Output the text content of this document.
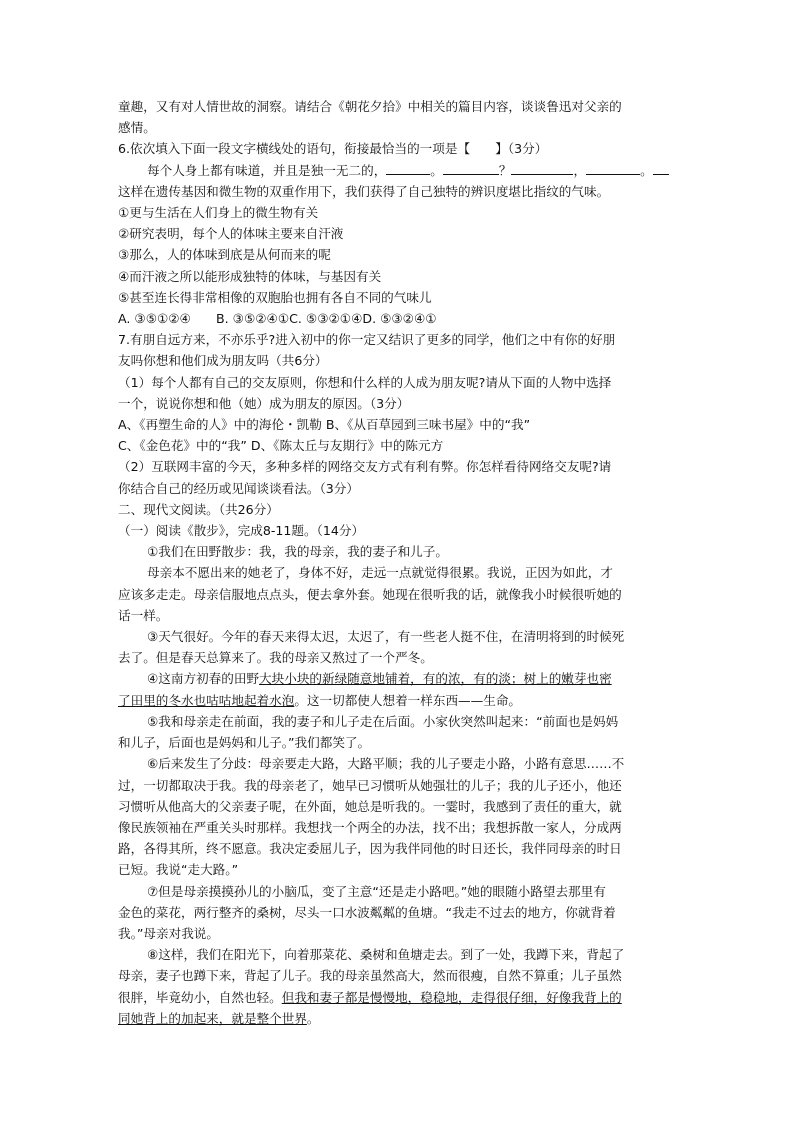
童趣，又有对人情世故的洞察。请结合《朝花夕拾》中相关的篇目内容，谈谈鲁迅对父亲的
感情。
6.依次填入下面一段文字横线处的语句，衔接最恰当的一项是【　　】（3分）
每个人身上都有味道，并且是独一无二的，	。	？	，	。
这样在遗传基因和微生物的双重作用下，我们获得了自己独特的辨识度堪比指纹的气味。
①更与生活在人们身上的微生物有关
②研究表明，每个人的体味主要来自汗液
③那么，人的体味到底是从何而来的呢
④而汗液之所以能形成独特的体味，与基因有关
⑤甚至连长得非常相像的双胞胎也拥有各自不同的气味儿
A. ③⑤①②④　　B. ③⑤②④①C. ⑤③②①④D. ⑤③②④①
7.有朋自远方来，不亦乐乎?进入初中的你一定又结识了更多的同学，他们之中有你的好朋
友吗你想和他们成为朋友吗（共6分）
（1）每个人都有自己的交友原则，你想和什么样的人成为朋友呢?请从下面的人物中选择
一个，说说你想和他（她）成为朋友的原因。（3分）
A、《再塑生命的人》中的海伦・凯勒 B、《从百草园到三味书屋》中的“我”
C、《金色花》中的“我” D、《陈太丘与友期行》中的陈元方
（2）互联网丰富的今天，多种多样的网络交友方式有利有弊。你怎样看待网络交友呢?请
你结合自己的经历或见闻谈谈看法。（3分）
二、现代文阅读。（共26分）
（一）阅读《散步》，完成8-11题。（14分）
①我们在田野散步：我，我的母亲，我的妻子和儿子。
母亲本不愿出来的她老了，身体不好，走远一点就觉得很累。我说，正因为如此，才
应该多走走。母亲信服地点点头，便去拿外套。她现在很听我的话，就像我小时候很听她的
话一样。
③天气很好。今年的春天来得太迟，太迟了，有一些老人挺不住，在清明将到的时候死
去了。但是春天总算来了。我的母亲又熬过了一个严冬。
④这南方初春的田野大块小块的新绿随意地铺着，有的浓，有的淡；树上的嫩芽也密
了田里的冬水也咕咕地起着水泡。这一切都使人想着一样东西——生命。
⑤我和母亲走在前面，我的妻子和儿子走在后面。小家伙突然叫起来：“前面也是妈妈
和儿子，后面也是妈妈和儿子。”我们都笑了。
⑥后来发生了分歧：母亲要走大路，大路平顺；我的儿子要走小路，小路有意思……不
过，一切都取决于我。我的母亲老了，她早已习惯听从她强壮的儿子；我的儿子还小，他还
习惯听从他高大的父亲妻子呢，在外面，她总是听我的。一霎时，我感到了责任的重大，就
像民族领袖在严重关头时那样。我想找一个两全的办法，找不出；我想拆散一家人，分成两
路，各得其所，终不愿意。我决定委屈儿子，因为我伴同他的时日还长，我伴同母亲的时日
已短。我说“走大路。”
⑦但是母亲摸摸孙儿的小脑瓜，变了主意“还是走小路吧。”她的眼随小路望去那里有
金色的菜花，两行整齐的桑树，尽头一口水波粼粼的鱼塘。“我走不过去的地方，你就背着
我。”母亲对我说。
⑧这样，我们在阳光下，向着那菜花、桑树和鱼塘走去。到了一处，我蹲下来，背起了
母亲，妻子也蹲下来，背起了儿子。我的母亲虽然高大，然而很瘦，自然不算重；儿子虽然
很胖，毕竟幼小，自然也轻。但我和妻子都是慢慢地，稳稳地，走得很仔细，好像我背上的
同她背上的加起来，就是整个世界。
